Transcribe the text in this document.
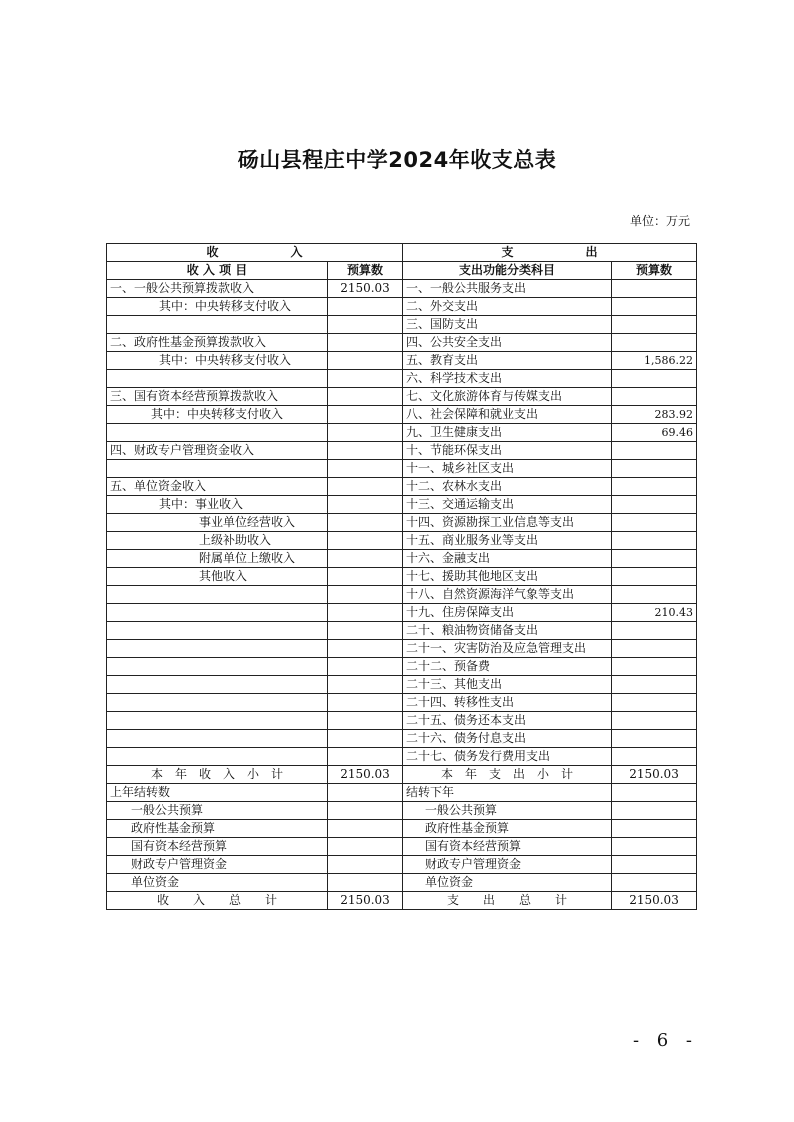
砀山县程庄中学2024年收支总表
单位：万元
收　　　　　　入		支　　　　　　出	
收 入 项 目	预算数	支出功能分类科目	预算数
一、一般公共预算拨款收入	2150.03	一、一般公共服务支出	
其中：中央转移支付收入		二、外交支出	
		三、国防支出	
二、政府性基金预算拨款收入		四、公共安全支出	
其中：中央转移支付收入		五、教育支出	1,586.22
		六、科学技术支出	
三、国有资本经营预算拨款收入		七、文化旅游体育与传媒支出	
其中：中央转移支付收入		八、社会保障和就业支出	283.92
		九、卫生健康支出	69.46
四、财政专户管理资金收入		十、节能环保支出	
		十一、城乡社区支出	
五、单位资金收入		十二、农林水支出	
其中：事业收入		十三、交通运输支出	
事业单位经营收入		十四、资源勘探工业信息等支出	
上级补助收入		十五、商业服务业等支出	
附属单位上缴收入		十六、金融支出	
其他收入		十七、援助其他地区支出	
		十八、自然资源海洋气象等支出	
		十九、住房保障支出	210.43
		二十、粮油物资储备支出	
		二十一、灾害防治及应急管理支出	
		二十二、预备费	
		二十三、其他支出	
		二十四、转移性支出	
		二十五、债务还本支出	
		二十六、债务付息支出	
		二十七、债务发行费用支出	
本　年　收　入　小　计	2150.03	本　年　支　出　小　计	2150.03
上年结转数		结转下年	
一般公共预算		一般公共预算	
政府性基金预算		政府性基金预算	
国有资本经营预算		国有资本经营预算	
财政专户管理资金		财政专户管理资金	
单位资金		单位资金	
收　　入　　总　　计	2150.03	支　　出　　总　　计	2150.03
- 6 -
